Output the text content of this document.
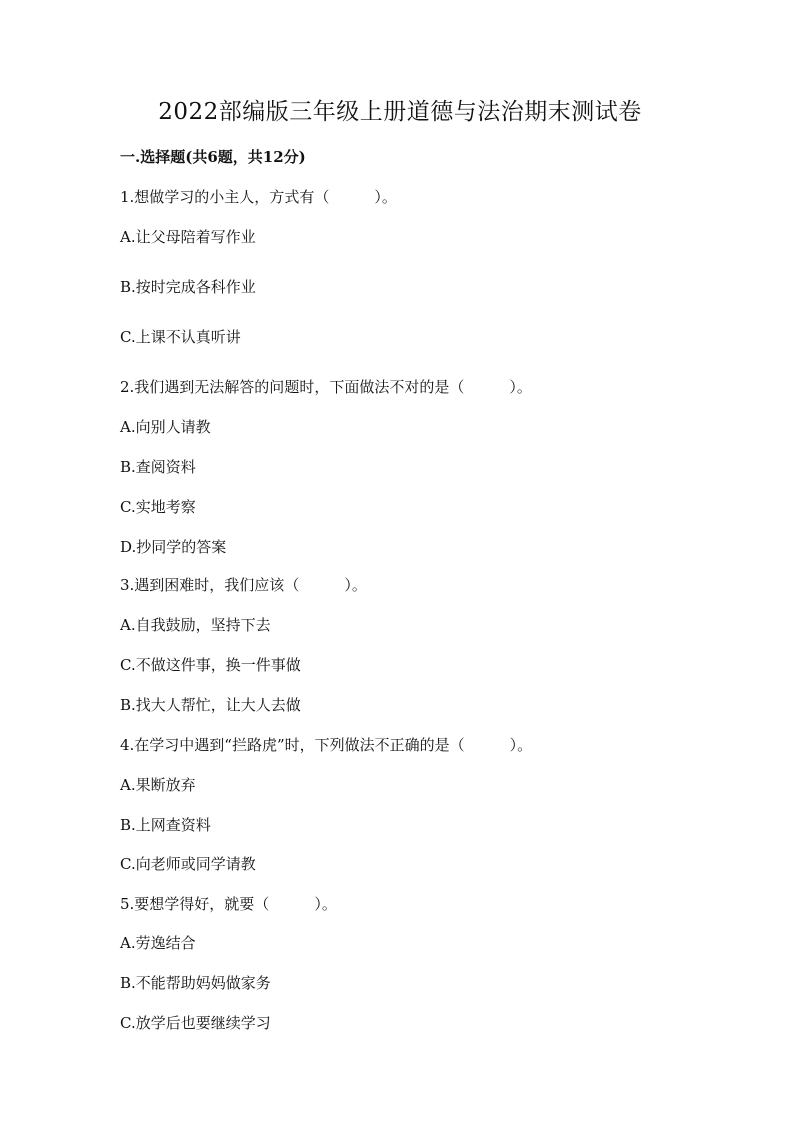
2022部编版三年级上册道德与法治期末测试卷
一.选择题(共6题，共12分)
1.想做学习的小主人，方式有（　　　）。
A.让父母陪着写作业
B.按时完成各科作业
C.上课不认真听讲
2.我们遇到无法解答的问题时，下面做法不对的是（　　　）。
A.向别人请教
B.查阅资料
C.实地考察
D.抄同学的答案
3.遇到困难时，我们应该（　　　）。
A.自我鼓励，坚持下去
C.不做这件事，换一件事做
B.找大人帮忙，让大人去做
4.在学习中遇到“拦路虎”时，下列做法不正确的是（　　　）。
A.果断放弃
B.上网查资料
C.向老师或同学请教
5.要想学得好，就要（　　　）。
A.劳逸结合
B.不能帮助妈妈做家务
C.放学后也要继续学习
